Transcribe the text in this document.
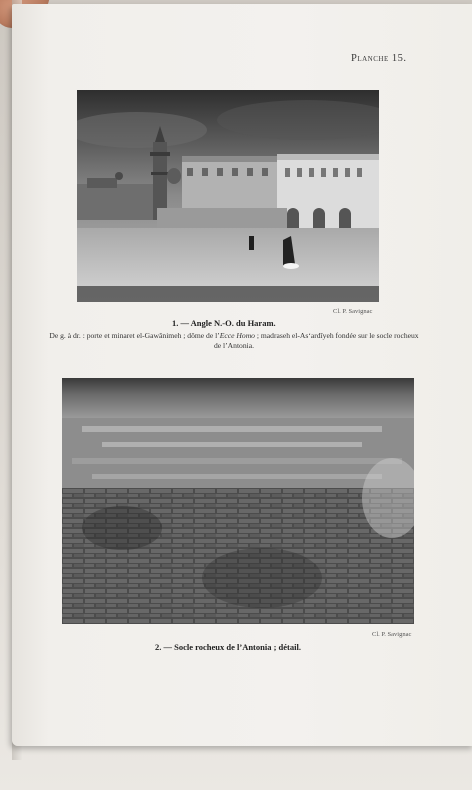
Planche 15.
Cl. P. Savignac
1. — Angle N.-O. du Haram.
De g. à dr. : porte et minaret el-Gawânimeh ; dôme de l’Ecce Homo ; madraseh el-As‘ardîyeh fondée sur le socle rocheux de l’Antonia.
Cl. P. Savignac
2. — Socle rocheux de l’Antonia ; détail.
